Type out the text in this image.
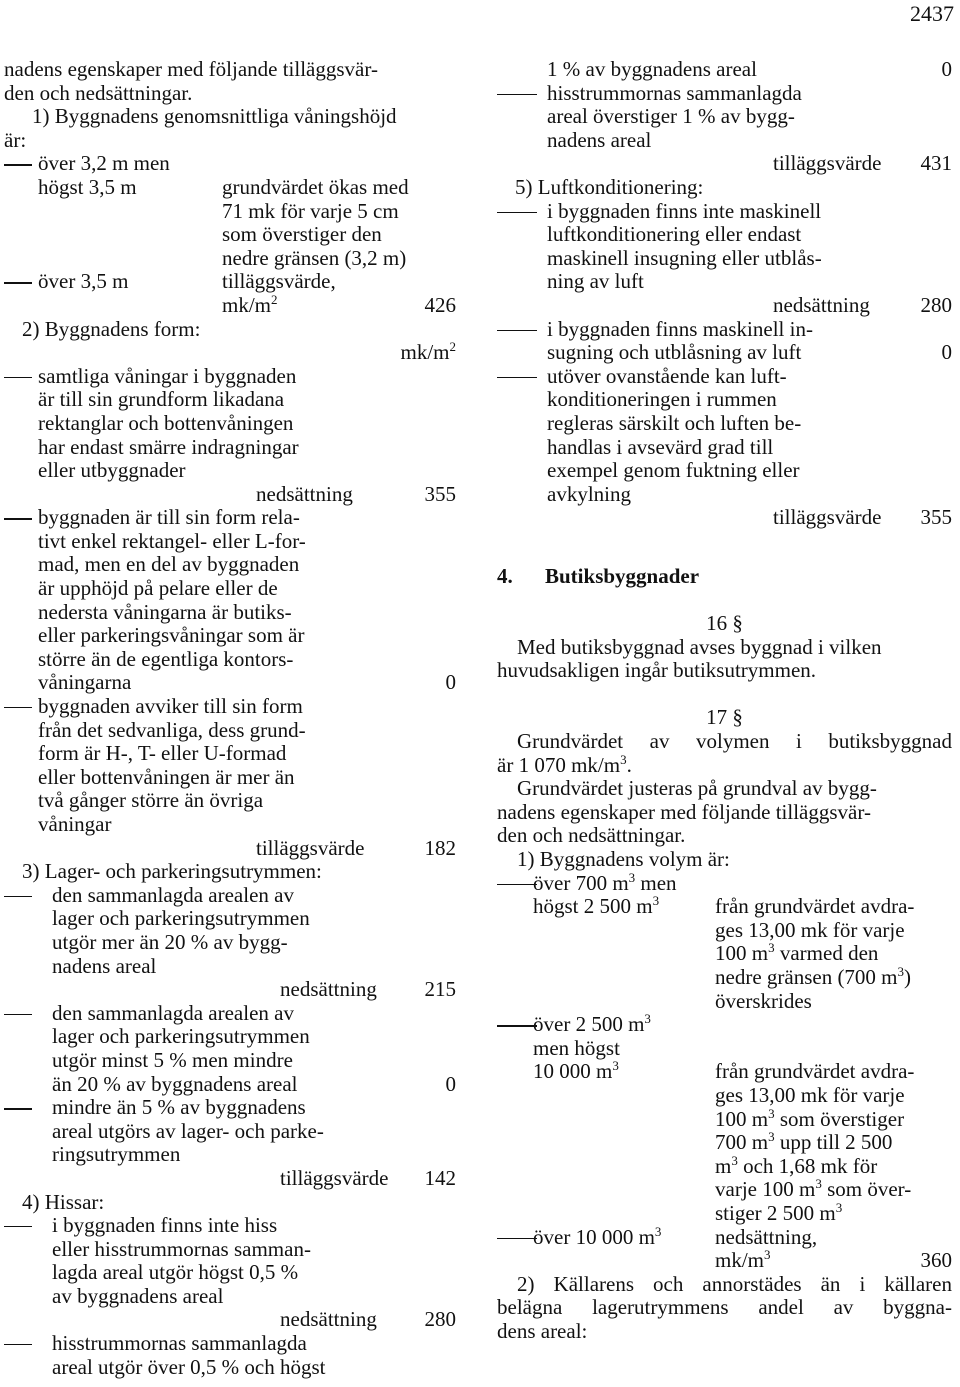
2437
nadens egenskaper med följande tilläggsvär-
den och nedsättningar.
1) Byggnadens genomsnittliga våningshöjd
är:
över 3,2 m men
högst 3,5 m	grundvärdet ökas med
71 mk för varje 5 cm
som överstiger den
nedre gränsen (3,2 m)
över 3,5 m	tilläggsvärde,
$mk/m^2$	426
2) Byggnadens form:
$mk/m^2$
samtliga våningar i byggnaden
är till sin grundform likadana
rektanglar och bottenvåningen
har endast smärre indragningar
eller utbyggnader
nedsättning	355
byggnaden är till sin form rela-
tivt enkel rektangel- eller L-for-
mad, men en del av byggnaden
är upphöjd på pelare eller de
nedersta våningarna är butiks-
eller parkeringsvåningar som är
större än de egentliga kontors-
våningarna	0
byggnaden avviker till sin form
från det sedvanliga, dess grund-
form är H-, T- eller U-formad
eller bottenvåningen är mer än
två gånger större än övriga
våningar
tilläggsvärde	182
3) Lager- och parkeringsutrymmen:
den sammanlagda arealen av
lager och parkeringsutrymmen
utgör mer än 20 % av bygg-
nadens areal
nedsättning 215
den sammanlagda arealen av
lager och parkeringsutrymmen
utgör minst 5 % men mindre
än 20 % av byggnadens areal	0
mindre än 5 % av byggnadens
areal utgörs av lager- och parke-
ringsutrymmen
tilläggsvärde 142
4) Hissar:
i byggnaden finns inte hiss
eller hisstrummornas samman-
lagda areal utgör högst 0,5 %
av byggnadens areal
nedsättning 280
hisstrummornas sammanlagda
areal utgör över 0,5 % och högst
1 % av byggnadens areal	0
hisstrummornas sammanlagda
areal överstiger 1 % av bygg-
nadens areal
tilläggsvärde 431
5) Luftkonditionering:
i byggnaden finns inte maskinell
luftkonditionering eller endast
maskinell insugning eller utblås-
ning av luft
nedsättning 280
i byggnaden finns maskinell in-
sugning och utblåsning av luft	0
utöver ovanstående kan luft-
konditioneringen i rummen
regleras särskilt och luften be-
handlas i avsevärd grad till
exempel genom fuktning eller
avkylning
tilläggsvärde 355
4. Butiksbyggnader
16 §
Med butiksbyggnad avses byggnad i vilken
huvudsakligen ingår butiksutrymmen.
17 §
Grundvärdet av volymen i butiksbyggnad
är 1 070 $mk/m^3$.
Grundvärdet justeras på grundval av bygg-
nadens egenskaper med följande tilläggsvär-
den och nedsättningar.
1) Byggnadens volym är:
över 700 $m^3$ men
högst 2 500 $m^3$	från grundvärdet avdra-
ges 13,00 mk för varje
100 $m^3$ varmed den
nedre gränsen (700 $m^3$)
överskrides
över 2 500 $m^3$
men högst
10 000 $m^3$	från grundvärdet avdra-
ges 13,00 mk för varje
100 $m^3$ som överstiger
700 $m^3$ upp till 2 500
$m^3$ och 1,68 mk för
varje 100 $m^3$ som över-
stiger 2 500 $m^3$
över 10 000 $m^3$	nedsättning,
$mk/m^3$	360
2) Källarens och annorstädes än i källaren
belägna lagerutrymmens andel av byggna-
dens areal:
